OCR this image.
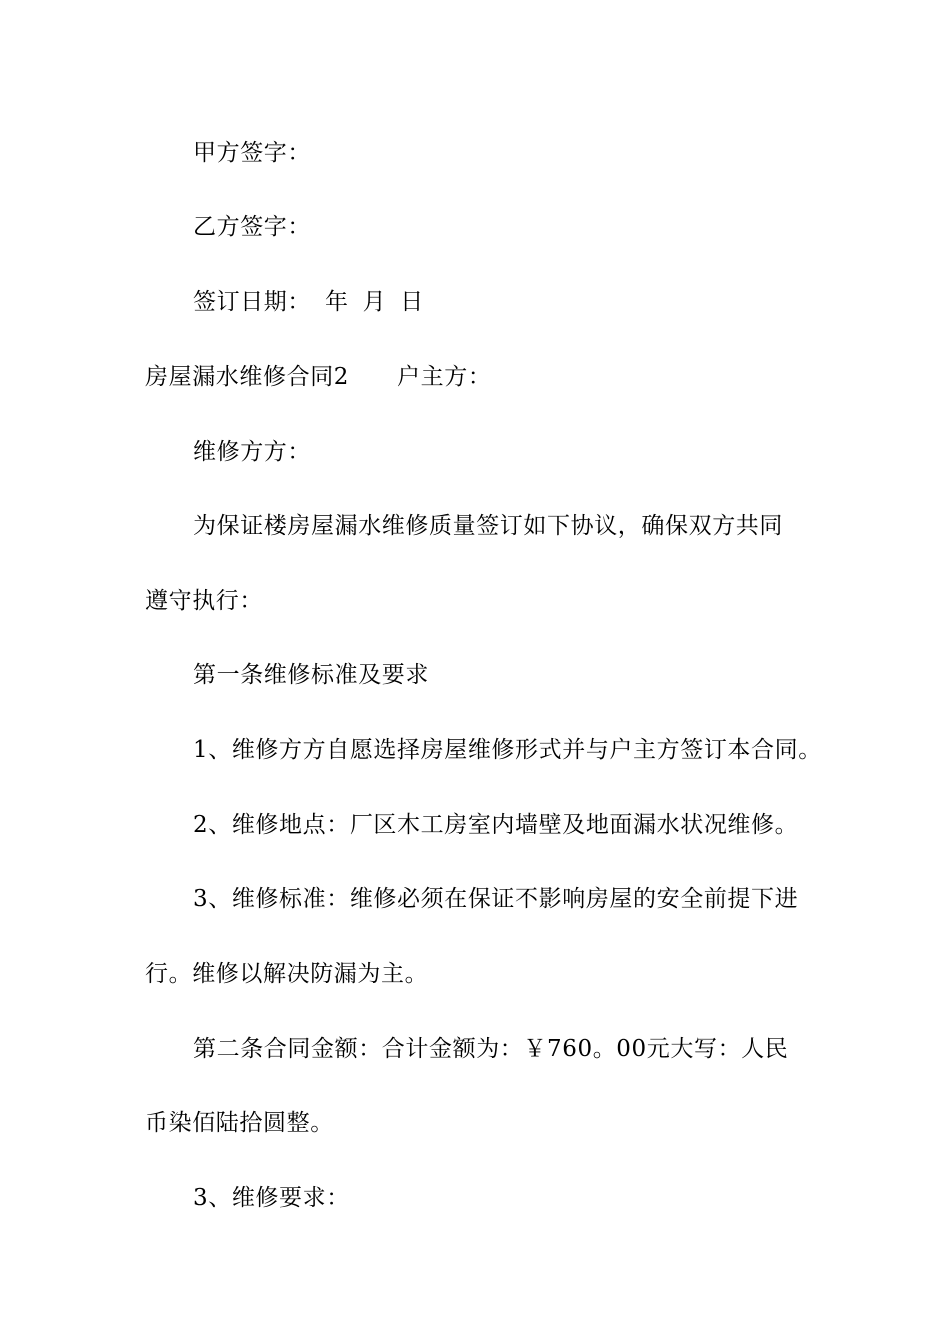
甲方签字：
乙方签字：
签订日期： 年 月 日
房屋漏水维修合同2 户主方：
维修方方：
为保证楼房屋漏水维修质量签订如下协议，确保双方共同
遵守执行：
第一条维修标准及要求
1、维修方方自愿选择房屋维修形式并与户主方签订本合同。
2、维修地点：厂区木工房室内墙壁及地面漏水状况维修。
3、维修标准：维修必须在保证不影响房屋的安全前提下进
行。维修以解决防漏为主。
第二条合同金额：合计金额为：￥760。00元大写：人民
币染佰陆拾圆整。
3、维修要求：
